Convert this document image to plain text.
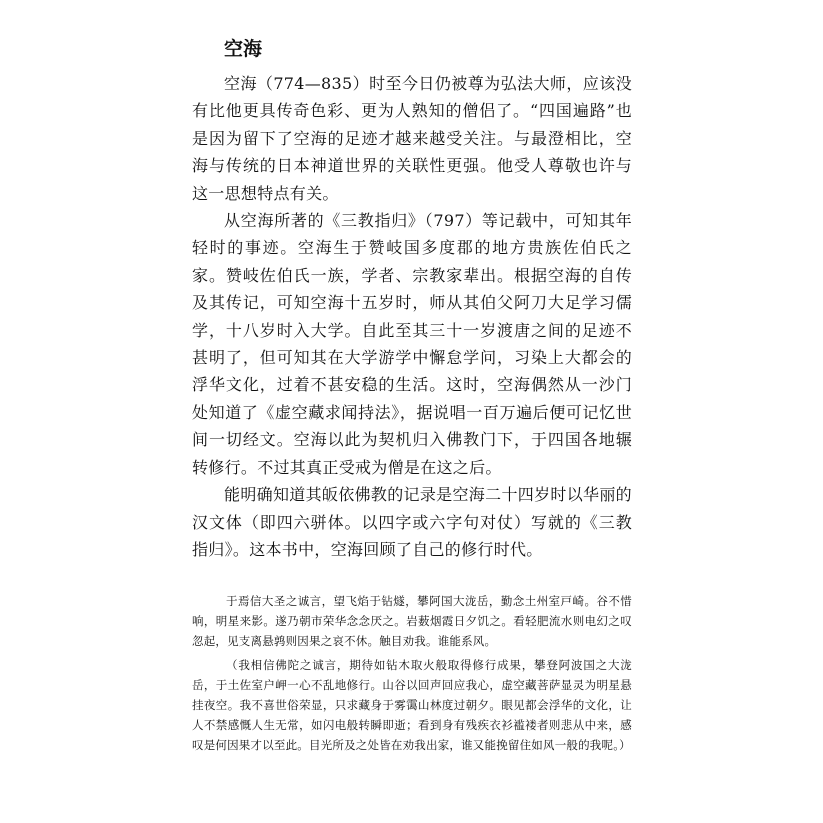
空海

空海（774—835）时至今日仍被尊为弘法大师，应该没有比他更具传奇色彩、更为人熟知的僧侣了。“四国遍路”也是因为留下了空海的足迹才越来越受关注。与最澄相比，空海与传统的日本神道世界的关联性更强。他受人尊敬也许与这一思想特点有关。

从空海所著的《三教指归》（797）等记载中，可知其年轻时的事迹。空海生于赞岐国多度郡的地方贵族佐伯氏之家。赞岐佐伯氏一族，学者、宗教家辈出。根据空海的自传及其传记，可知空海十五岁时，师从其伯父阿刀大足学习儒学，十八岁时入大学。自此至其三十一岁渡唐之间的足迹不甚明了，但可知其在大学游学中懈怠学问，习染上大都会的浮华文化，过着不甚安稳的生活。这时，空海偶然从一沙门处知道了《虚空藏求闻持法》，据说唱一百万遍后便可记忆世间一切经文。空海以此为契机归入佛教门下，于四国各地辗转修行。不过其真正受戒为僧是在这之后。

能明确知道其皈依佛教的记录是空海二十四岁时以华丽的汉文体（即四六骈体。以四字或六字句对仗）写就的《三教指归》。这本书中，空海回顾了自己的修行时代。

于焉信大圣之诚言，望飞焰于钻燧，攀阿国大泷岳，勤念土州室戸崎。谷不惜响，明星来影。遂乃朝市荣华念念厌之。岩薮烟霞日夕饥之。看轻肥流水则电幻之叹忽起，见支离悬鹑则因果之哀不休。触目劝我。谁能系风。

（我相信佛陀之诚言，期待如钻木取火般取得修行成果，攀登阿波国之大泷岳，于土佐室户岬一心不乱地修行。山谷以回声回应我心，虚空藏菩萨显灵为明星悬挂夜空。我不喜世俗荣显，只求藏身于雾霭山林度过朝夕。眼见都会浮华的文化，让人不禁感慨人生无常，如闪电般转瞬即逝；看到身有残疾衣衫褴褛者则悲从中来，感叹是何因果才以至此。目光所及之处皆在劝我出家，谁又能挽留住如风一般的我呢。）
